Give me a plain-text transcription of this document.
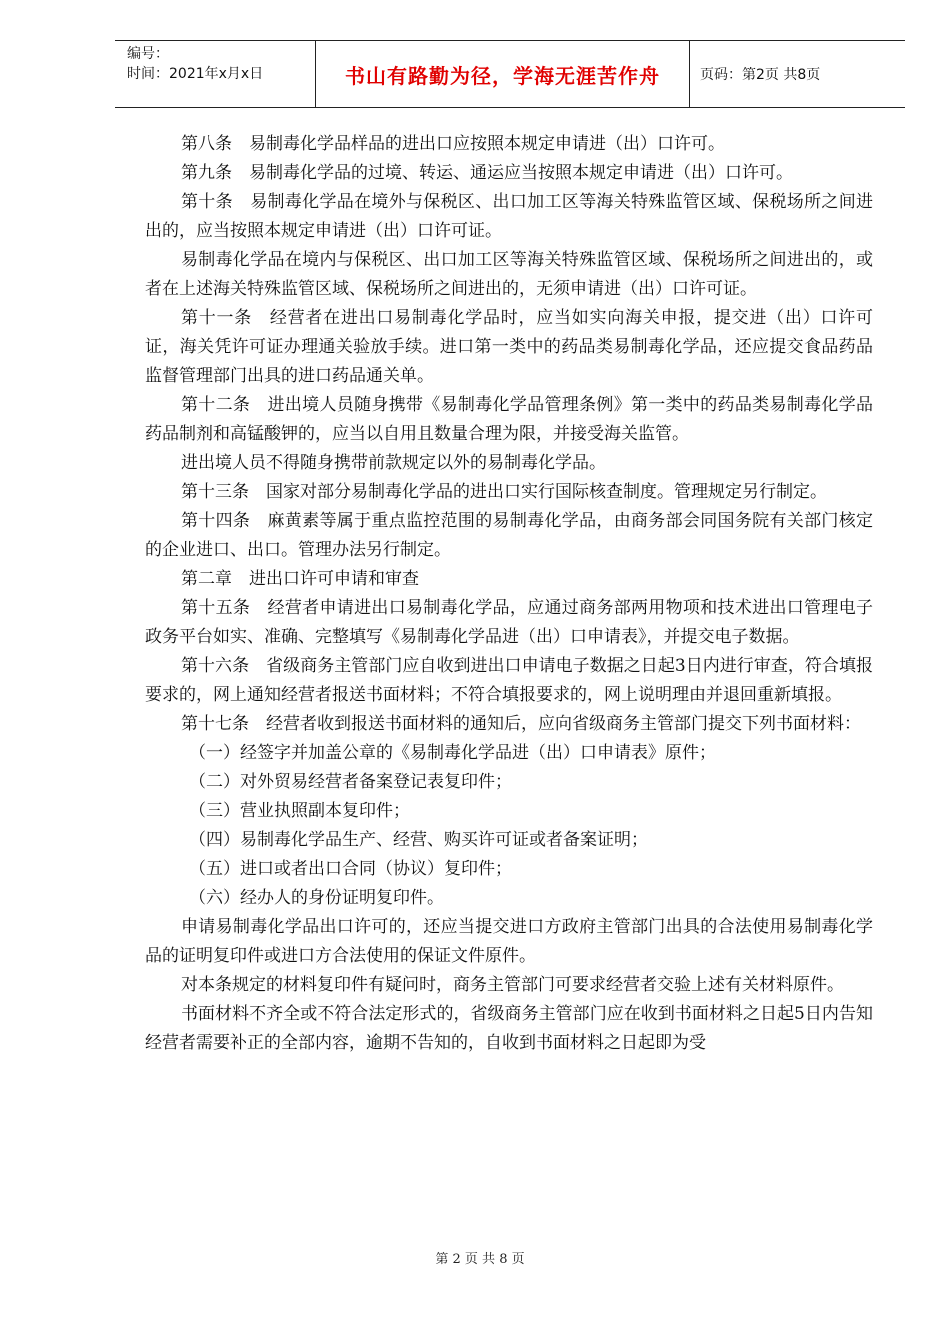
编号：
时间：2021年x月x日	书山有路勤为径，学海无涯苦作舟	页码：第2页 共8页

第八条　易制毒化学品样品的进出口应按照本规定申请进（出）口许可。

第九条　易制毒化学品的过境、转运、通运应当按照本规定申请进（出）口许可。

第十条　易制毒化学品在境外与保税区、出口加工区等海关特殊监管区域、保税场所之间进出的，应当按照本规定申请进（出）口许可证。

易制毒化学品在境内与保税区、出口加工区等海关特殊监管区域、保税场所之间进出的，或者在上述海关特殊监管区域、保税场所之间进出的，无须申请进（出）口许可证。

第十一条　经营者在进出口易制毒化学品时，应当如实向海关申报，提交进（出）口许可证，海关凭许可证办理通关验放手续。进口第一类中的药品类易制毒化学品，还应提交食品药品监督管理部门出具的进口药品通关单。

第十二条　进出境人员随身携带《易制毒化学品管理条例》第一类中的药品类易制毒化学品药品制剂和高锰酸钾的，应当以自用且数量合理为限，并接受海关监管。

进出境人员不得随身携带前款规定以外的易制毒化学品。

第十三条　国家对部分易制毒化学品的进出口实行国际核查制度。管理规定另行制定。

第十四条　麻黄素等属于重点监控范围的易制毒化学品，由商务部会同国务院有关部门核定的企业进口、出口。管理办法另行制定。

第二章　进出口许可申请和审查

第十五条　经营者申请进出口易制毒化学品，应通过商务部两用物项和技术进出口管理电子政务平台如实、准确、完整填写《易制毒化学品进（出）口申请表》，并提交电子数据。

第十六条　省级商务主管部门应自收到进出口申请电子数据之日起3日内进行审查，符合填报要求的，网上通知经营者报送书面材料；不符合填报要求的，网上说明理由并退回重新填报。

第十七条　经营者收到报送书面材料的通知后，应向省级商务主管部门提交下列书面材料：

（一）经签字并加盖公章的《易制毒化学品进（出）口申请表》原件；

（二）对外贸易经营者备案登记表复印件；

（三）营业执照副本复印件；

（四）易制毒化学品生产、经营、购买许可证或者备案证明；

（五）进口或者出口合同（协议）复印件；

（六）经办人的身份证明复印件。

申请易制毒化学品出口许可的，还应当提交进口方政府主管部门出具的合法使用易制毒化学品的证明复印件或进口方合法使用的保证文件原件。

对本条规定的材料复印件有疑问时，商务主管部门可要求经营者交验上述有关材料原件。

书面材料不齐全或不符合法定形式的，省级商务主管部门应在收到书面材料之日起5日内告知经营者需要补正的全部内容，逾期不告知的，自收到书面材料之日起即为受

第 2 页 共 8 页
